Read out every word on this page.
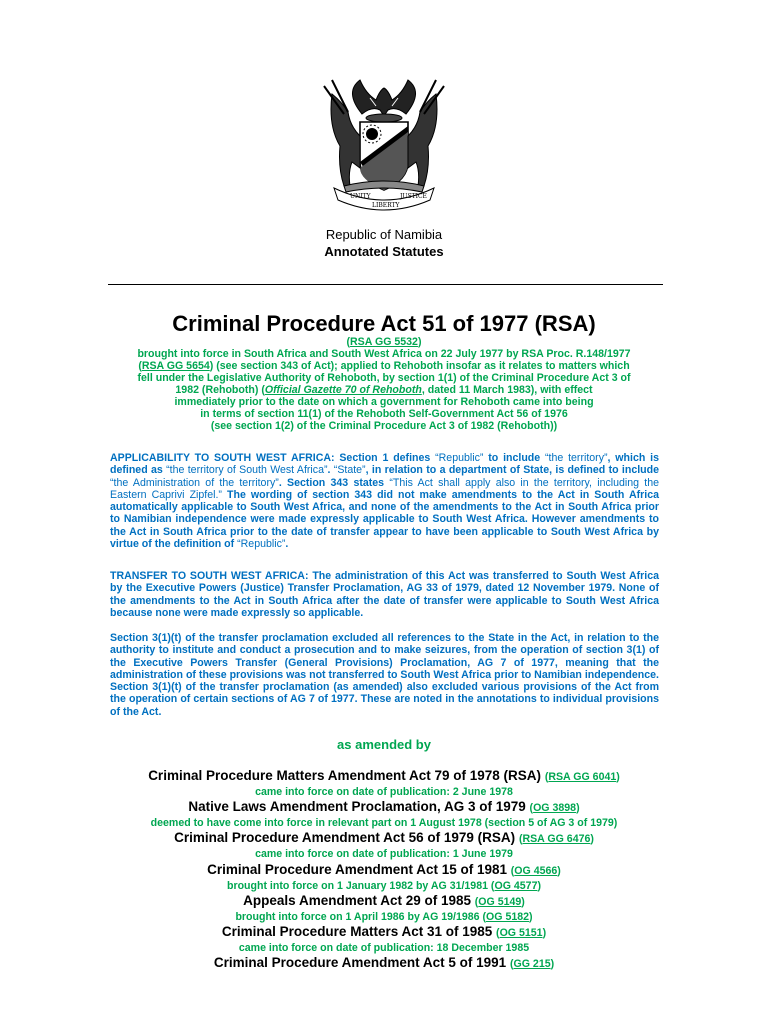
UNITY
LIBERTY
JUSTICE
Republic of Namibia
Annotated Statutes
Criminal Procedure Act 51 of 1977 (RSA)
(RSA GG 5532)
brought into force in South Africa and South West Africa on 22 July 1977 by RSA Proc. R.148/1977
(RSA GG 5654) (see section 343 of Act); applied to Rehoboth insofar as it relates to matters which
fell under the Legislative Authority of Rehoboth, by section 1(1) of the Criminal Procedure Act 3 of
1982 (Rehoboth) (Official Gazette 70 of Rehoboth, dated 11 March 1983), with effect
immediately prior to the date on which a government for Rehoboth came into being
in terms of section 11(1) of the Rehoboth Self-Government Act 56 of 1976
(see section 1(2) of the Criminal Procedure Act 3 of 1982 (Rehoboth))
APPLICABILITY TO SOUTH WEST AFRICA: Section 1 defines “Republic” to include “the territory”, which is defined as “the territory of South West Africa”. “State”, in relation to a department of State, is defined to include “the Administration of the territory”. Section 343 states “This Act shall apply also in the territory, including the Eastern Caprivi Zipfel.” The wording of section 343 did not make amendments to the Act in South Africa automatically applicable to South West Africa, and none of the amendments to the Act in South Africa prior to Namibian independence were made expressly applicable to South West Africa. However amendments to the Act in South Africa prior to the date of transfer appear to have been applicable to South West Africa by virtue of the definition of “Republic”.
TRANSFER TO SOUTH WEST AFRICA: The administration of this Act was transferred to South West Africa by the Executive Powers (Justice) Transfer Proclamation, AG 33 of 1979, dated 12 November 1979. None of the amendments to the Act in South Africa after the date of transfer were applicable to South West Africa because none were made expressly so applicable.
Section 3(1)(t) of the transfer proclamation excluded all references to the State in the Act, in relation to the authority to institute and conduct a prosecution and to make seizures, from the operation of section 3(1) of the Executive Powers Transfer (General Provisions) Proclamation, AG 7 of 1977, meaning that the administration of these provisions was not transferred to South West Africa prior to Namibian independence. Section 3(1)(t) of the transfer proclamation (as amended) also excluded various provisions of the Act from the operation of certain sections of AG 7 of 1977. These are noted in the annotations to individual provisions of the Act.
as amended by
Criminal Procedure Matters Amendment Act 79 of 1978 (RSA) (RSA GG 6041)
came into force on date of publication: 2 June 1978
Native Laws Amendment Proclamation, AG 3 of 1979 (OG 3898)
deemed to have come into force in relevant part on 1 August 1978 (section 5 of AG 3 of 1979)
Criminal Procedure Amendment Act 56 of 1979 (RSA) (RSA GG 6476)
came into force on date of publication: 1 June 1979
Criminal Procedure Amendment Act 15 of 1981 (OG 4566)
brought into force on 1 January 1982 by AG 31/1981 (OG 4577)
Appeals Amendment Act 29 of 1985 (OG 5149)
brought into force on 1 April 1986 by AG 19/1986 (OG 5182)
Criminal Procedure Matters Act 31 of 1985 (OG 5151)
came into force on date of publication: 18 December 1985
Criminal Procedure Amendment Act 5 of 1991 (GG 215)
